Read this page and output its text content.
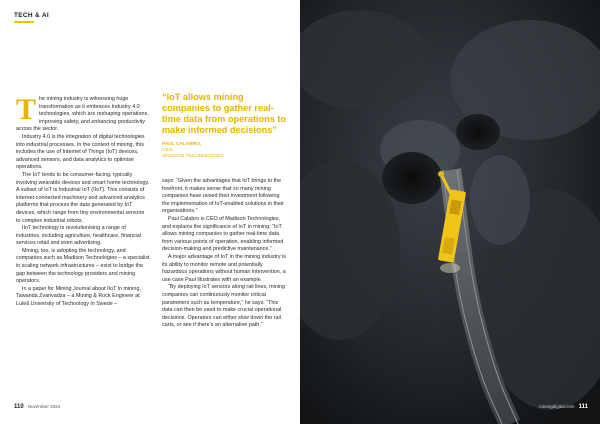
TECH & AI

The mining industry is witnessing huge transformation as it embraces Industry 4.0 technologies, which are reshaping operations, improving safety, and enhancing productivity across the sector.

Industry 4.0 is the integration of digital technologies into industrial processes. In the context of mining, this includes the use of Internet of Things (IoT) devices, advanced sensors, and data analytics to optimise operations.

The IoT tends to be consumer-facing, typically involving wearable devices and smart home technology. A subset of IoT is Industrial IoT (IIoT). This consists of internet-connected machinery and advanced analytics platforms that process the data generated by IoT devices, which range from tiny environmental sensors to complex industrial robots.

IIoT technology is revolutionising a range of industries, including agriculture, healthcare, financial services retail and even advertising.

Mining, too, is adopting the technology, and companies such as Madison Technologies – a specialist in scaling network infrastructures – exist to bridge the gap between the technology providers and mining operators.

In a paper for Mining Journal about IIoT in mining, Tawanda Zvarivadza – a Mining & Rock Engineer at Luleå University of Technology in Swede –

“IoT allows mining companies to gather real-time data from operations to make informed decisions”
PAUL CALABRO,
CEO,
MADISON TECHNOLOGIES

says: “Given the advantages that IoT brings to the forefront, it makes sense that so many mining companies have raised their investment following the implementation of IoT-enabled solutions in their organisations.”

Paul Calabro is CEO of Madison Technologies, and explains the significance of IoT in mining: “IoT allows mining companies to gather real-time data from various points of operation, enabling informed decision-making and predictive maintenance.”

A major advantage of IoT in the mining industry is its ability to monitor remote and potentially hazardous operations without human intervention, a use case Paul illustrates with an example.

“By deploying IoT sensors along rail lines, mining companies can continuously monitor critical parameters such as temperature,” he says. “This data can then be used to make crucial operational decisions. Operators can either slow down the rail carts, or see if there’s an alternative path.”

110 November 2024	miningdigital.com 111
